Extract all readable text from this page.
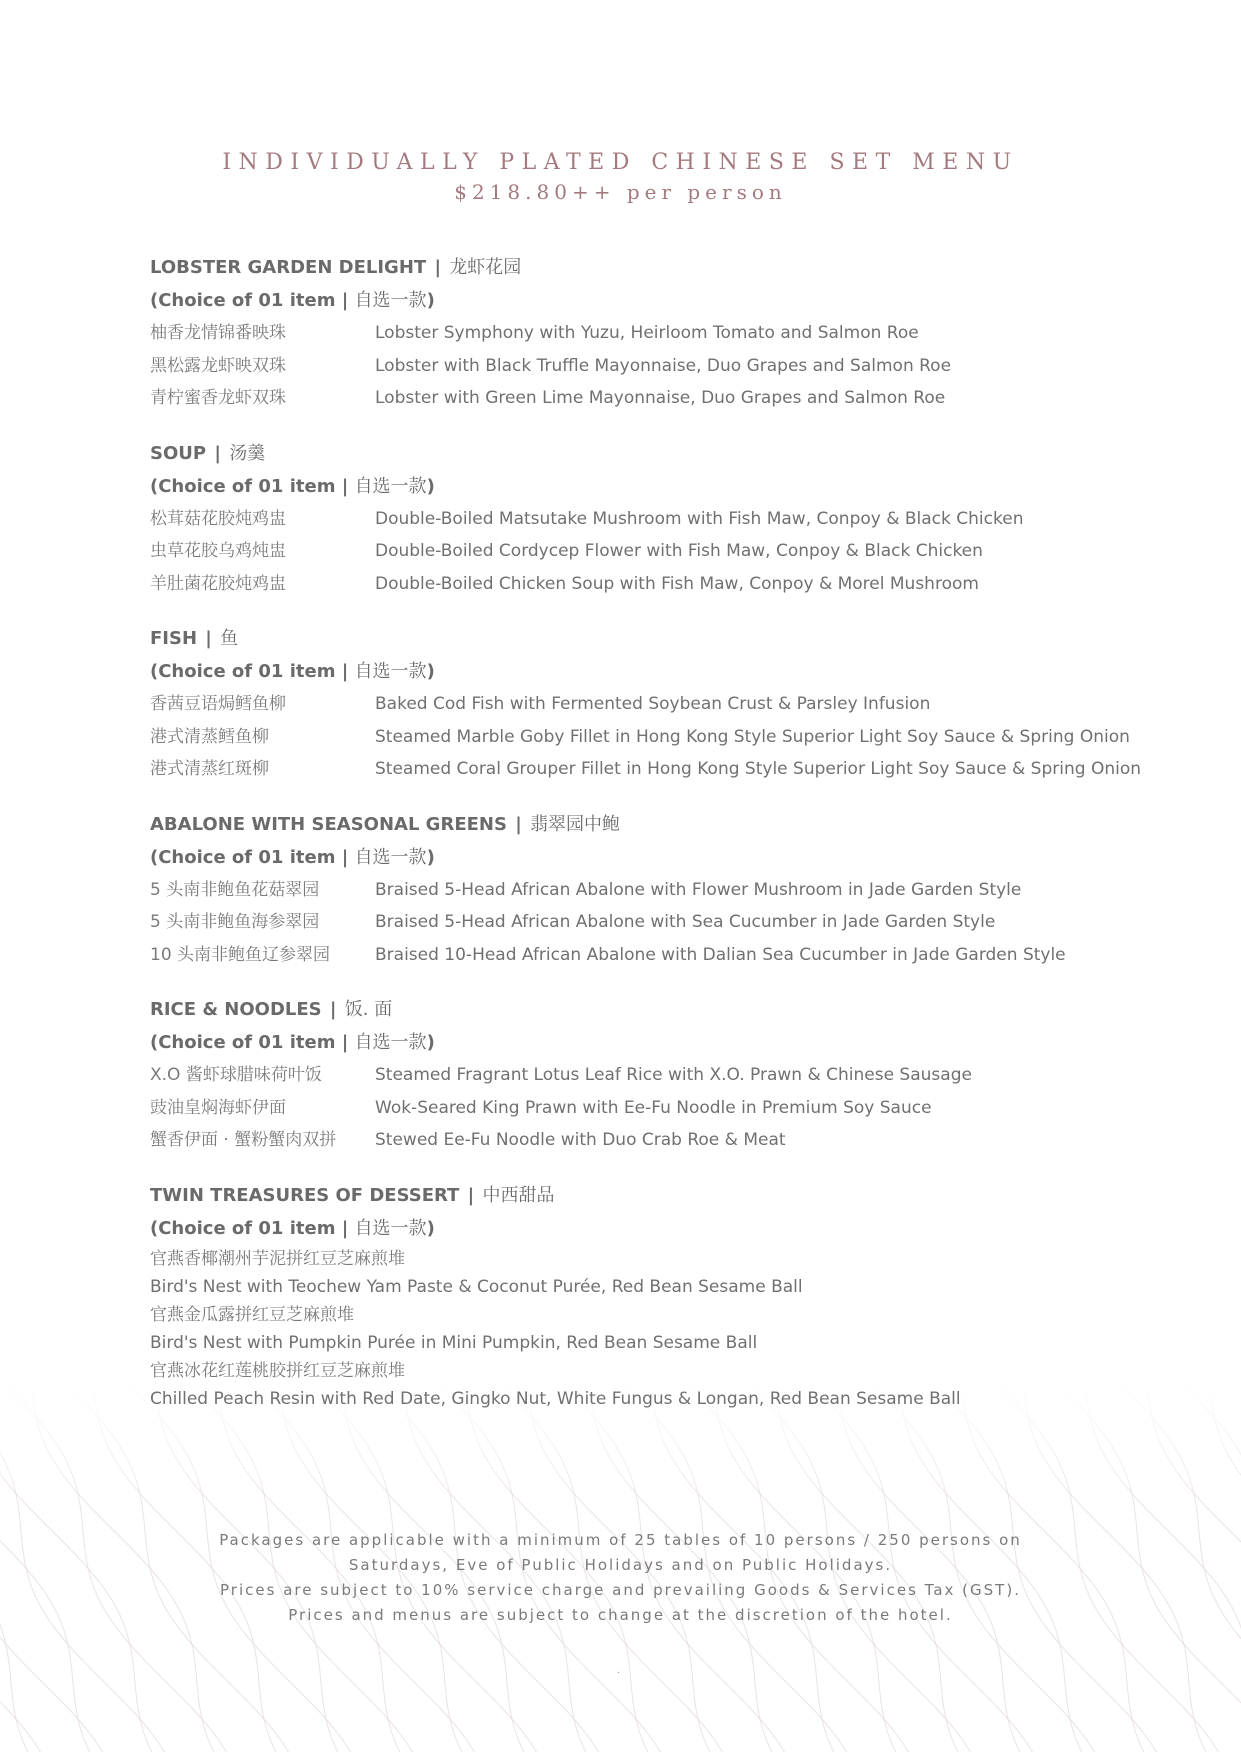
INDIVIDUALLY PLATED CHINESE SET MENU
$218.80++ per person
LOBSTER GARDEN DELIGHT | 龙虾花园
(Choice of 01 item | 自选一款)
柚香龙情锦番映珠	Lobster Symphony with Yuzu, Heirloom Tomato and Salmon Roe
黑松露龙虾映双珠	Lobster with Black Truffle Mayonnaise, Duo Grapes and Salmon Roe
青柠蜜香龙虾双珠	Lobster with Green Lime Mayonnaise, Duo Grapes and Salmon Roe
SOUP | 汤羹
(Choice of 01 item | 自选一款)
松茸菇花胶炖鸡盅	Double-Boiled Matsutake Mushroom with Fish Maw, Conpoy & Black Chicken
虫草花胶乌鸡炖盅	Double-Boiled Cordycep Flower with Fish Maw, Conpoy & Black Chicken
羊肚菌花胶炖鸡盅	Double-Boiled Chicken Soup with Fish Maw, Conpoy & Morel Mushroom
FISH | 鱼
(Choice of 01 item | 自选一款)
香茜豆语焗鳕鱼柳	Baked Cod Fish with Fermented Soybean Crust & Parsley Infusion
港式清蒸鳕鱼柳	Steamed Marble Goby Fillet in Hong Kong Style Superior Light Soy Sauce & Spring Onion
港式清蒸红斑柳	Steamed Coral Grouper Fillet in Hong Kong Style Superior Light Soy Sauce & Spring Onion
ABALONE WITH SEASONAL GREENS | 翡翠园中鲍
(Choice of 01 item | 自选一款)
5 头南非鲍鱼花菇翠园	Braised 5-Head African Abalone with Flower Mushroom in Jade Garden Style
5 头南非鲍鱼海参翠园	Braised 5-Head African Abalone with Sea Cucumber in Jade Garden Style
10 头南非鲍鱼辽参翠园	Braised 10-Head African Abalone with Dalian Sea Cucumber in Jade Garden Style
RICE & NOODLES | 饭. 面
(Choice of 01 item | 自选一款)
X.O 酱虾球腊味荷叶饭	Steamed Fragrant Lotus Leaf Rice with X.O. Prawn & Chinese Sausage
豉油皇焖海虾伊面	Wok-Seared King Prawn with Ee-Fu Noodle in Premium Soy Sauce
蟹香伊面 · 蟹粉蟹肉双拼	Stewed Ee-Fu Noodle with Duo Crab Roe & Meat
TWIN TREASURES OF DESSERT | 中西甜品
(Choice of 01 item | 自选一款)
官燕香椰潮州芋泥拼红豆芝麻煎堆
Bird's Nest with Teochew Yam Paste & Coconut Purée, Red Bean Sesame Ball
官燕金瓜露拼红豆芝麻煎堆
Bird's Nest with Pumpkin Purée in Mini Pumpkin, Red Bean Sesame Ball
官燕冰花红莲桃胶拼红豆芝麻煎堆
Chilled Peach Resin with Red Date, Gingko Nut, White Fungus & Longan, Red Bean Sesame Ball
Packages are applicable with a minimum of 25 tables of 10 persons / 250 persons on
Saturdays, Eve of Public Holidays and on Public Holidays.
Prices are subject to 10% service charge and prevailing Goods & Services Tax (GST).
Prices and menus are subject to change at the discretion of the hotel.
.
